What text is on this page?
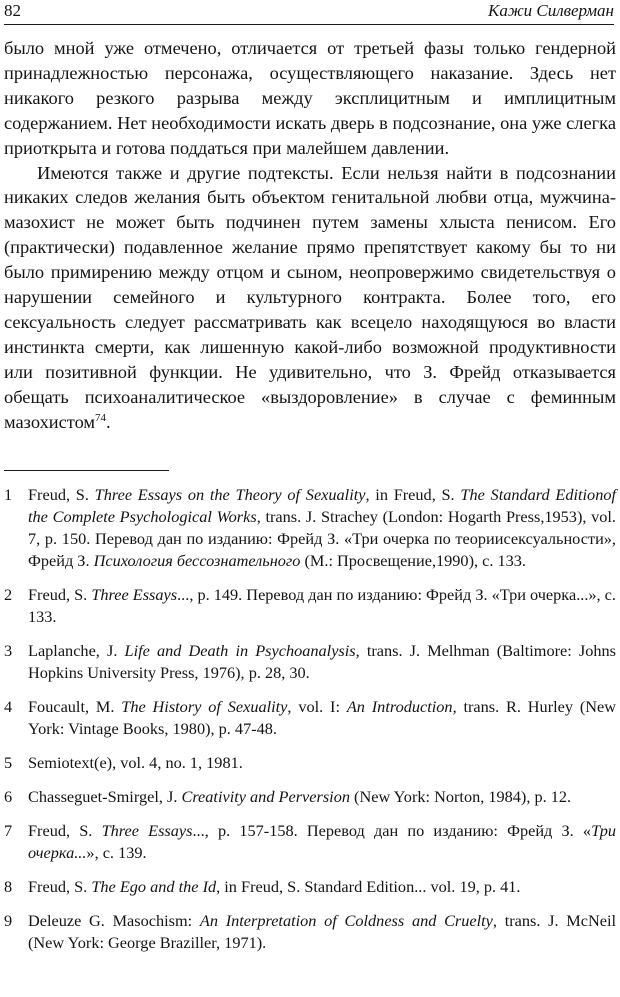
82	Кажи Силверман

было мной уже отмечено, отличается от третьей фазы только гендерной принадлежностью персонажа, осуществляющего наказание. Здесь нет никакого резкого разрыва между эксплицитным и имплицитным содержанием. Нет необходимости искать дверь в подсознание, она уже слегка приоткрыта и готова поддаться при малейшем давлении.

Имеются также и другие подтексты. Если нельзя найти в подсознании никаких следов желания быть объектом генитальной любви отца, мужчина-мазохист не может быть подчинен путем замены хлыста пенисом. Его (практически) подавленное желание прямо препятствует какому бы то ни было примирению между отцом и сыном, неопровержимо свидетельствуя о нарушении семейного и культурного контракта. Более того, его сексуальность следует рассматривать как всецело находящуюся во власти инстинкта смерти, как лишенную какой-либо возможной продуктивности или позитивной функции. Не удивительно, что З. Фрейд отказывается обещать психоаналитическое «выздоровление» в случае с феминным мазохистом$^{74}$.

1 Freud, S. Three Essays on the Theory of Sexuality, in Freud, S. The Standard Editionof the Complete Psychological Works, trans. J. Strachey (London: Hogarth Press,1953), vol. 7, p. 150. Перевод дан по изданию: Фрейд З. «Три очерка по теориисексуальности», Фрейд З. Психология бессознательного (М.: Просвещение,1990), с. 133.
2 Freud, S. Three Essays..., p. 149. Перевод дан по изданию: Фрейд З. «Три очерка...», с. 133.
3 Laplanche, J. Life and Death in Psychoanalysis, trans. J. Melhman (Baltimore: Johns Hopkins University Press, 1976), p. 28, 30.
4 Foucault, M. The History of Sexuality, vol. I: An Introduction, trans. R. Hurley (New York: Vintage Books, 1980), p. 47-48.
5 Semiotext(e), vol. 4, no. 1, 1981.
6 Chasseguet-Smirgel, J. Creativity and Perversion (New York: Norton, 1984), p. 12.
7 Freud, S. Three Essays..., p. 157-158. Перевод дан по изданию: Фрейд З. «Три очерка...», с. 139.
8 Freud, S. The Ego and the Id, in Freud, S. Standard Edition... vol. 19, p. 41.
9 Deleuze G. Masochism: An Interpretation of Coldness and Cruelty, trans. J. McNeil (New York: George Braziller, 1971).
